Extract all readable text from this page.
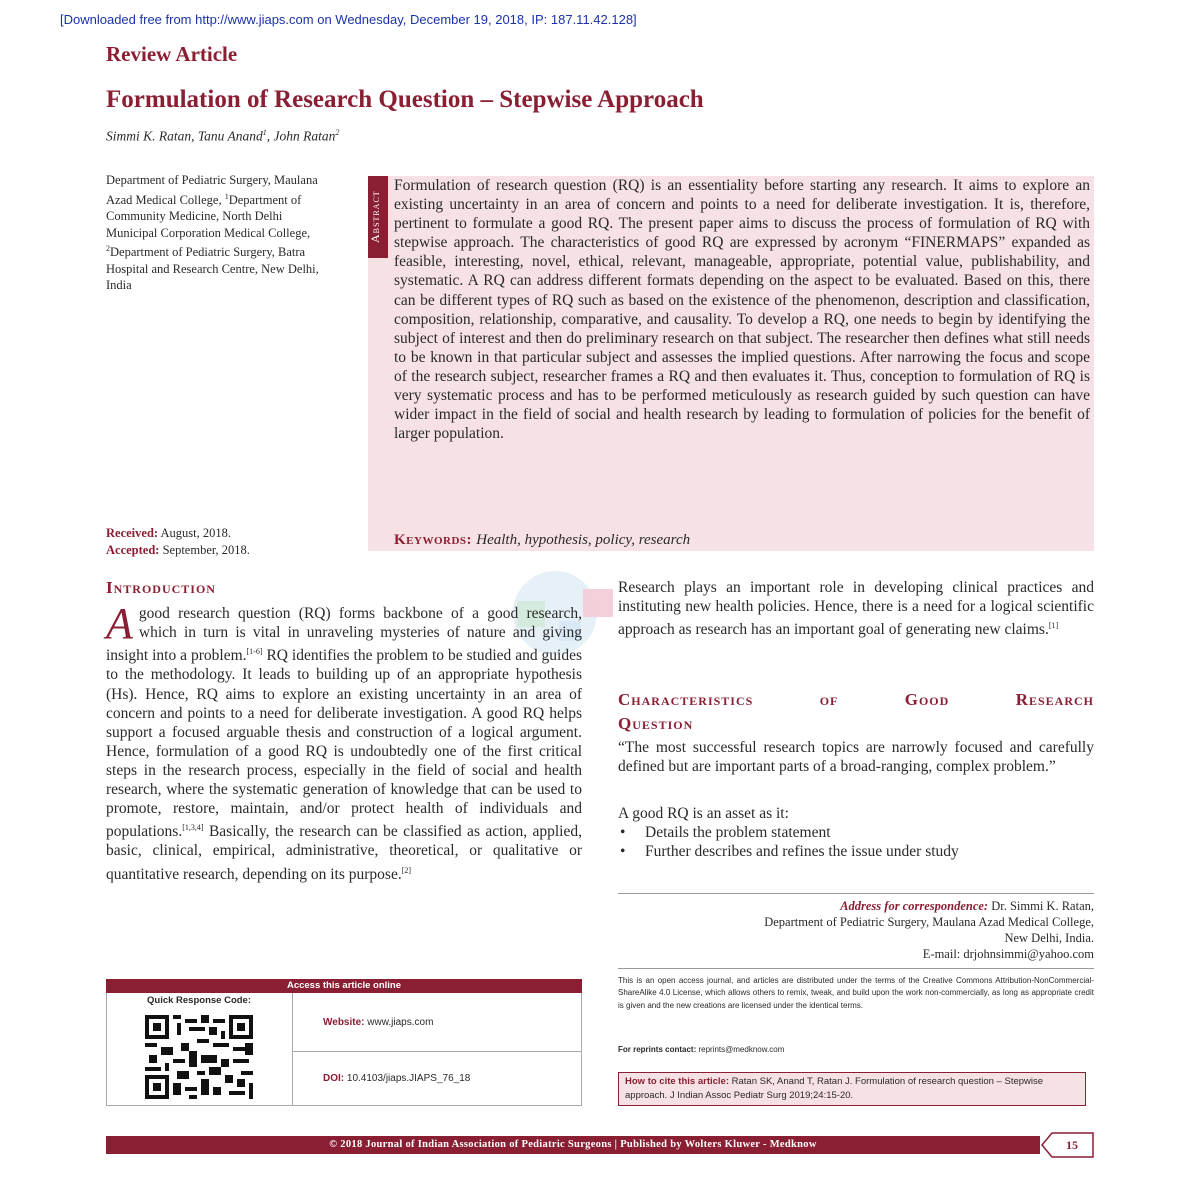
[Downloaded free from http://www.jiaps.com on Wednesday, December 19, 2018, IP: 187.11.42.128]
Review Article
Formulation of Research Question – Stepwise Approach
Simmi K. Ratan, Tanu Anand$^1$, John Ratan$^2$
Department of Pediatric Surgery, Maulana Azad Medical College, $^1$Department of Community Medicine, North Delhi Municipal Corporation Medical College, $^2$Department of Pediatric Surgery, Batra Hospital and Research Centre, New Delhi, India
Received: August, 2018.
Accepted: September, 2018.
Abstract
Formulation of research question (RQ) is an essentiality before starting any research. It aims to explore an existing uncertainty in an area of concern and points to a need for deliberate investigation. It is, therefore, pertinent to formulate a good RQ. The present paper aims to discuss the process of formulation of RQ with stepwise approach. The characteristics of good RQ are expressed by acronym “FINERMAPS” expanded as feasible, interesting, novel, ethical, relevant, manageable, appropriate, potential value, publishability, and systematic. A RQ can address different formats depending on the aspect to be evaluated. Based on this, there can be different types of RQ such as based on the existence of the phenomenon, description and classification, composition, relationship, comparative, and causality. To develop a RQ, one needs to begin by identifying the subject of interest and then do preliminary research on that subject. The researcher then defines what still needs to be known in that particular subject and assesses the implied questions. After narrowing the focus and scope of the research subject, researcher frames a RQ and then evaluates it. Thus, conception to formulation of RQ is very systematic process and has to be performed meticulously as research guided by such question can have wider impact in the field of social and health research by leading to formulation of policies for the benefit of larger population.
Keywords: Health, hypothesis, policy, research
Introduction
Agood research question (RQ) forms backbone of a good research, which in turn is vital in unraveling mysteries of nature and giving insight into a problem.[1-6] RQ identifies the problem to be studied and guides to the methodology. It leads to building up of an appropriate hypothesis (Hs). Hence, RQ aims to explore an existing uncertainty in an area of concern and points to a need for deliberate investigation. A good RQ helps support a focused arguable thesis and construction of a logical argument. Hence, formulation of a good RQ is undoubtedly one of the first critical steps in the research process, especially in the field of social and health research, where the systematic generation of knowledge that can be used to promote, restore, maintain, and/or protect health of individuals and populations.[1,3,4] Basically, the research can be classified as action, applied, basic, clinical, empirical, administrative, theoretical, or qualitative or quantitative research, depending on its purpose.[2]
Research plays an important role in developing clinical practices and instituting new health policies. Hence, there is a need for a logical scientific approach as research has an important goal of generating new claims.[1]
Characteristics of Good Research
Question
“The most successful research topics are narrowly focused and carefully defined but are important parts of a broad-ranging, complex problem.”
A good RQ is an asset as it:
• Details the problem statement
• Further describes and refines the issue under study
Address for correspondence: Dr. Simmi K. Ratan,
Department of Pediatric Surgery, Maulana Azad Medical College,
New Delhi, India.
E-mail: drjohnsimmi@yahoo.com
This is an open access journal, and articles are distributed under the terms of the Creative Commons Attribution-NonCommercial-ShareAlike 4.0 License, which allows others to remix, tweak, and build upon the work non-commercially, as long as appropriate credit is given and the new creations are licensed under the identical terms.
For reprints contact: reprints@medknow.com
How to cite this article: Ratan SK, Anand T, Ratan J. Formulation of research question – Stepwise approach. J Indian Assoc Pediatr Surg 2019;24:15-20.
Access this article online
Quick Response Code:
Website: www.jiaps.com
DOI: 10.4103/jiaps.JIAPS_76_18
© 2018 Journal of Indian Association of Pediatric Surgeons | Published by Wolters Kluwer - Medknow	15
